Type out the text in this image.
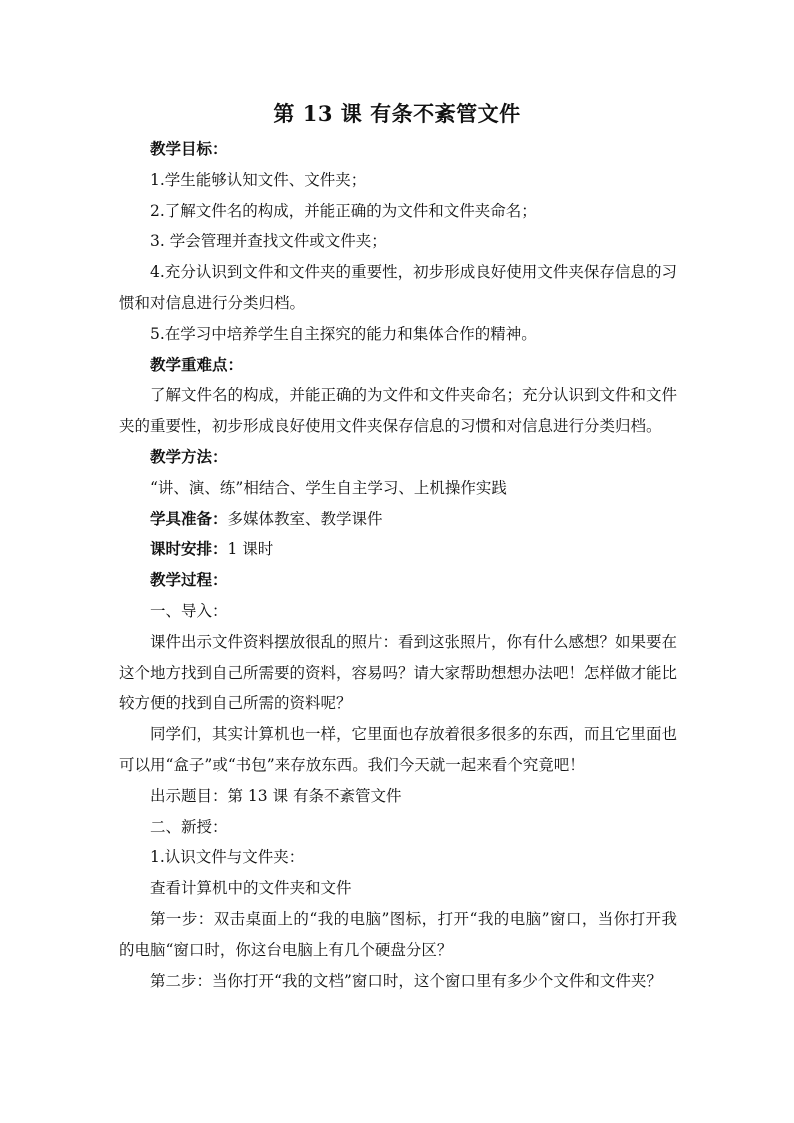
第 13 课 有条不紊管文件

教学目标：

1.学生能够认知文件、文件夹；

2.了解文件名的构成，并能正确的为文件和文件夹命名；

3. 学会管理并查找文件或文件夹；

4.充分认识到文件和文件夹的重要性，初步形成良好使用文件夹保存信息的习惯和对信息进行分类归档。

5.在学习中培养学生自主探究的能力和集体合作的精神。

教学重难点：

了解文件名的构成，并能正确的为文件和文件夹命名；充分认识到文件和文件夹的重要性，初步形成良好使用文件夹保存信息的习惯和对信息进行分类归档。

教学方法：

“讲、演、练”相结合、学生自主学习、上机操作实践

学具准备：多媒体教室、教学课件

课时安排：1 课时

教学过程：

一、导入：

课件出示文件资料摆放很乱的照片：看到这张照片，你有什么感想？如果要在这个地方找到自己所需要的资料，容易吗？请大家帮助想想办法吧！怎样做才能比较方便的找到自己所需的资料呢？

同学们，其实计算机也一样，它里面也存放着很多很多的东西，而且它里面也可以用“盒子”或“书包”来存放东西。我们今天就一起来看个究竟吧！

出示题目：第 13 课 有条不紊管文件

二、新授：

1.认识文件与文件夹：

查看计算机中的文件夹和文件

第一步：双击桌面上的“我的电脑”图标，打开“我的电脑”窗口，当你打开我的电脑“窗口时，你这台电脑上有几个硬盘分区？

第二步：当你打开“我的文档”窗口时，这个窗口里有多少个文件和文件夹？
